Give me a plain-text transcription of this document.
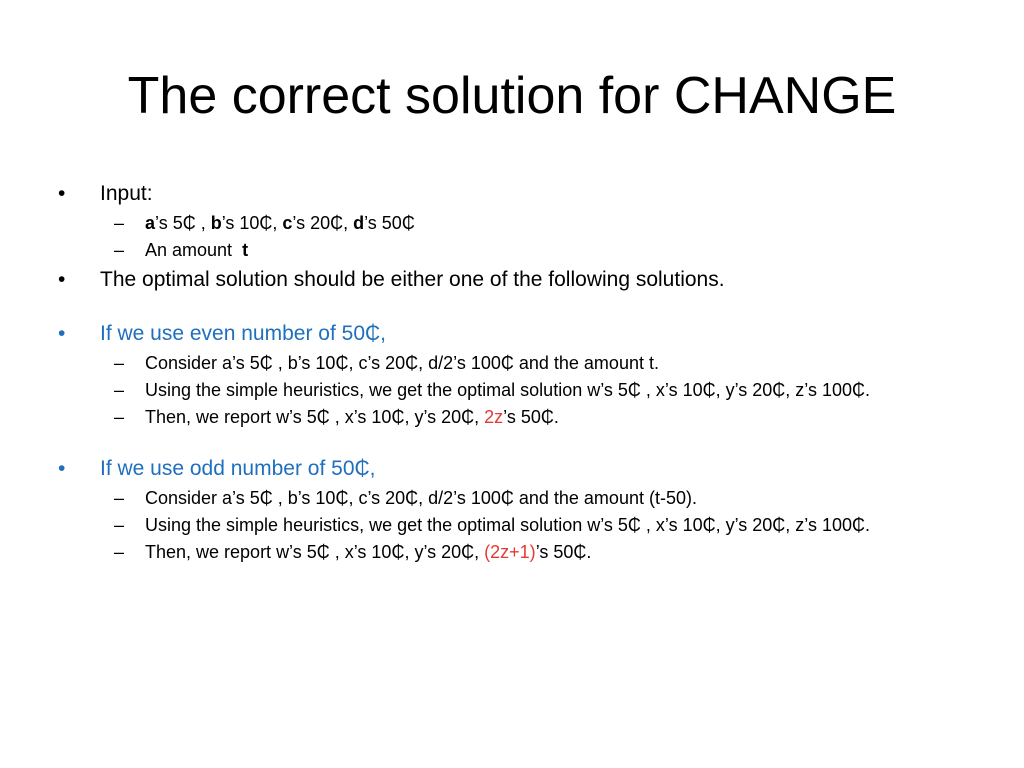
The correct solution for CHANGE

•	Input:

– a’s 5₵ , b’s 10₵, c’s 20₵, d’s 50₵

– An amount  t

•	The optimal solution should be either one of the following solutions.

•	If we use even number of 50₵,

– Consider a’s 5₵ , b’s 10₵, c’s 20₵, d/2’s 100₵ and the amount t.

– Using the simple heuristics, we get the optimal solution w’s 5₵ , x’s 10₵, y’s 20₵, z’s 100₵.

– Then, we report w’s 5₵ , x’s 10₵, y’s 20₵, 2z’s 50₵.

•	If we use odd number of 50₵,

– Consider a’s 5₵ , b’s 10₵, c’s 20₵, d/2’s 100₵ and the amount (t-50).

– Using the simple heuristics, we get the optimal solution w’s 5₵ , x’s 10₵, y’s 20₵, z’s 100₵.

– Then, we report w’s 5₵ , x’s 10₵, y’s 20₵, (2z+1)’s 50₵.
